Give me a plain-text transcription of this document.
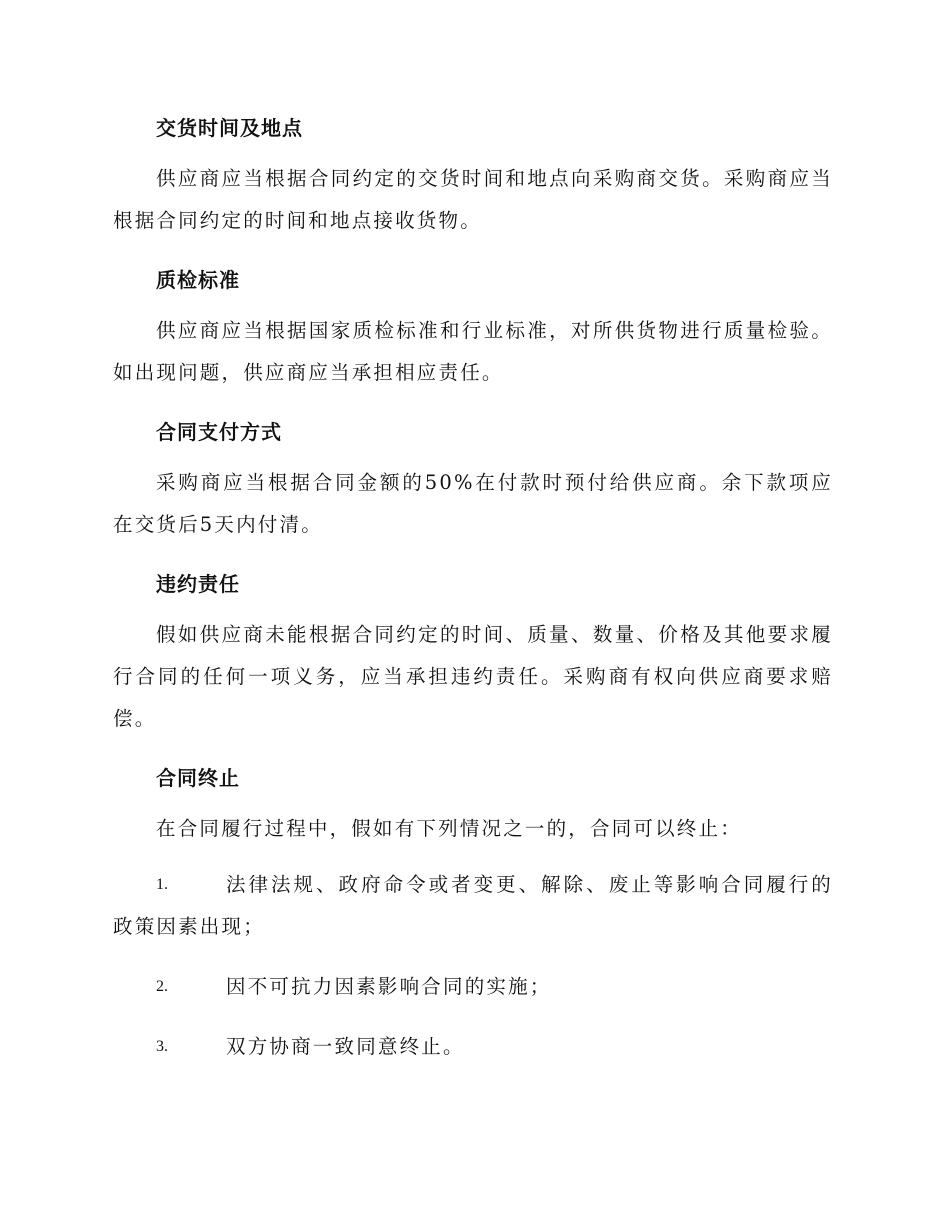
交货时间及地点

供应商应当根据合同约定的交货时间和地点向采购商交货。采购商应当根据合同约定的时间和地点接收货物。

质检标准

供应商应当根据国家质检标准和行业标准，对所供货物进行质量检验。如出现问题，供应商应当承担相应责任。

合同支付方式

采购商应当根据合同金额的50%在付款时预付给供应商。余下款项应在交货后5天内付清。

违约责任

假如供应商未能根据合同约定的时间、质量、数量、价格及其他要求履行合同的任何一项义务，应当承担违约责任。采购商有权向供应商要求赔偿。

合同终止

在合同履行过程中，假如有下列情况之一的，合同可以终止：

1.	法律法规、政府命令或者变更、解除、废止等影响合同履行的政策因素出现；
2.	因不可抗力因素影响合同的实施；
3.	双方协商一致同意终止。
